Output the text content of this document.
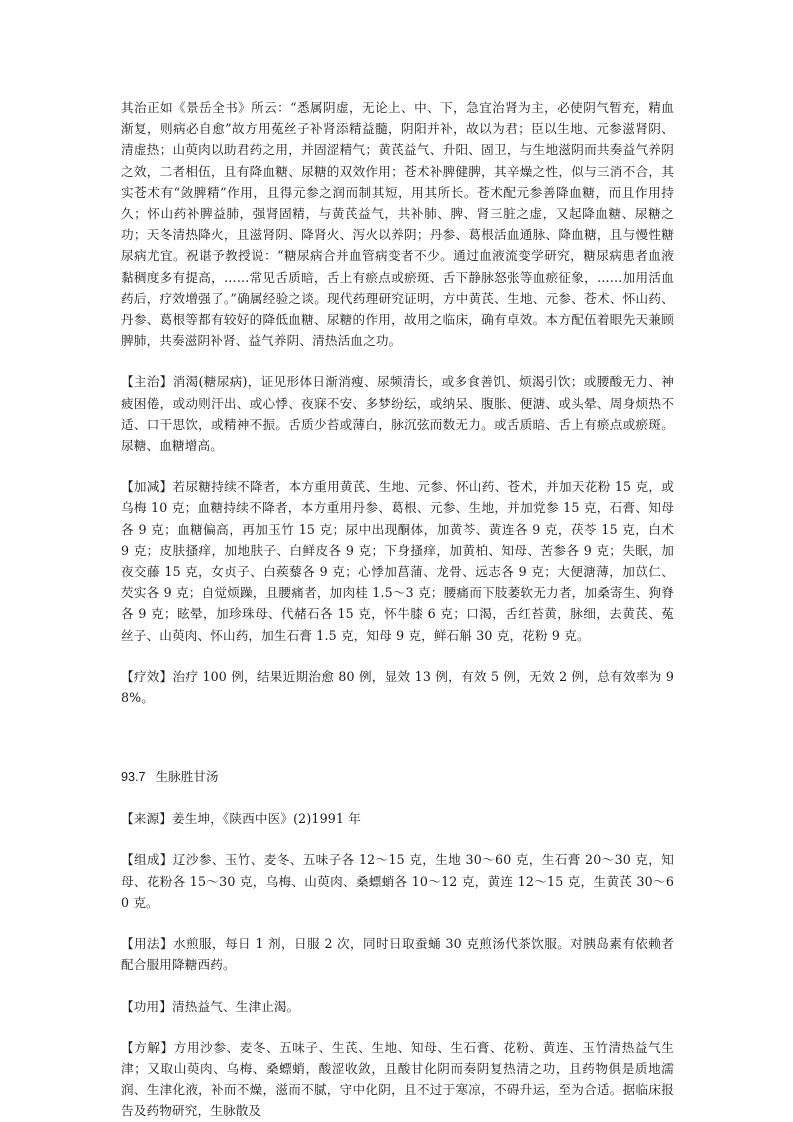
其治正如《景岳全书》所云：“悉属阴虚，无论上、中、下，急宜治肾为主，必使阴气暂充，精血渐复，则病必自愈”故方用菟丝子补肾添精益髓，阴阳并补，故以为君；臣以生地、元参滋肾阴、清虚热；山萸肉以助君药之用，并固涩精气；黄芪益气、升阳、固卫，与生地滋阴而共奏益气养阴之效，二者相伍，且有降血糖、尿糖的双效作用；苍术补脾健脾，其辛燥之性，似与三消不合，其实苍术有“敛脾精”作用，且得元参之润而制其短，用其所长。苍术配元参善降血糖，而且作用持久；怀山药补脾益肺，强肾固精，与黄芪益气，共补肺、脾、肾三脏之虚，又起降血糖、尿糖之功；天冬清热降火，且滋肾阴、降肾火、泻火以养阴；丹参、葛根活血通脉、降血糖，且与慢性糖尿病尤宜。祝谌予教授说：“糖尿病合并血管病变者不少。通过血液流变学研究，糖尿病患者血液黏稠度多有提高，……常见舌质暗，舌上有瘀点或瘀斑、舌下静脉怒张等血瘀征象，……加用活血药后，疗效增强了。”确属经验之谈。现代药理研究证明，方中黄芪、生地、元参、苍术、怀山药、丹参、葛根等都有较好的降低血糖、尿糖的作用，故用之临床，确有卓效。本方配伍着眼先天兼顾脾肺，共奏滋阴补肾、益气养阴、清热活血之功。

【主治】消渴(糖尿病)，证见形体日渐消瘦、尿频清长，或多食善饥、烦渴引饮；或腰酸无力、神疲困倦，或动则汗出、或心悸、夜寐不安、多梦纷纭，或纳呆、腹胀、便溏、或头晕、周身烦热不适、口干思饮，或精神不振。舌质少苔或薄白，脉沉弦而数无力。或舌质暗、舌上有瘀点或瘀斑。尿糖、血糖增高。

【加减】若尿糖持续不降者，本方重用黄芪、生地、元参、怀山药、苍术，并加天花粉 15 克，或乌梅 10 克；血糖持续不降者，本方重用丹参、葛根、元参、生地，并加党参 15 克，石膏、知母各 9 克；血糖偏高，再加玉竹 15 克；尿中出现酮体，加黄芩、黄连各 9 克，茯苓 15 克，白术 9 克；皮肤搔痒，加地肤子、白鲜皮各 9 克；下身搔痒，加黄柏、知母、苦参各 9 克；失眠，加夜交藤 15 克，女贞子、白蒺藜各 9 克；心悸加菖蒲、龙骨、远志各 9 克；大便溏薄，加苡仁、芡实各 9 克；自觉烦躁，且腰痛者，加肉桂 1.5～3 克；腰痛而下肢萎软无力者，加桑寄生、狗脊各 9 克；眩晕，加珍珠母、代赭石各 15 克，怀牛膝 6 克；口渴，舌红苔黄，脉细，去黄芪、菟丝子、山萸肉、怀山药，加生石膏 1.5 克，知母 9 克，鲜石斛 30 克，花粉 9 克。

【疗效】治疗 100 例，结果近期治愈 80 例，显效 13 例，有效 5 例，无效 2 例，总有效率为 98%。

93.7 生脉胜甘汤

【来源】姜生坤，《陕西中医》(2)1991 年

【组成】辽沙参、玉竹、麦冬、五味子各 12～15 克，生地 30～60 克，生石膏 20～30 克，知母、花粉各 15～30 克，乌梅、山萸肉、桑螵蛸各 10～12 克，黄连 12～15 克，生黄芪 30～60 克。

【用法】水煎服，每日 1 剂，日服 2 次，同时日取蚕蛹 30 克煎汤代茶饮服。对胰岛素有依赖者配合服用降糖西药。

【功用】清热益气、生津止渴。

【方解】方用沙参、麦冬、五味子、生芪、生地、知母、生石膏、花粉、黄连、玉竹清热益气生津；又取山萸肉、乌梅、桑螵蛸，酸涩收敛，且酸甘化阴而奏阴复热清之功，且药物俱是质地濡润、生津化液，补而不燥，滋而不腻，守中化阴，且不过于寒凉，不碍升运，至为合适。据临床报告及药物研究，生脉散及
